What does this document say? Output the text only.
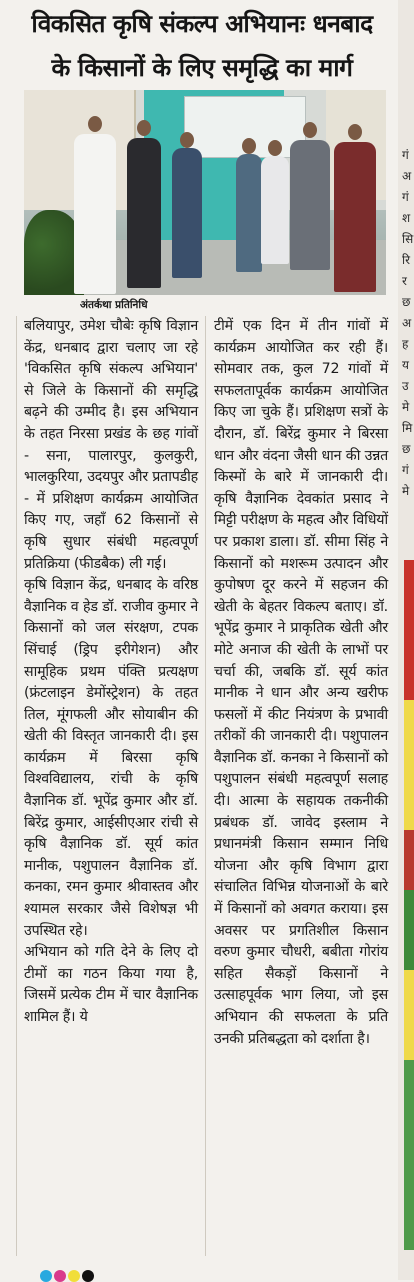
विकसित कृषि संकल्प अभियानः धनबाद
के किसानों के लिए समृद्धि का मार्ग
अंतर्कथा प्रतिनिधि

बलियापुर, उमेश चौबेः कृषि विज्ञान केंद्र, धनबाद द्वारा चलाए जा रहे 'विकसित कृषि संकल्प अभियान' से जिले के किसानों की समृद्धि बढ़ने की उम्मीद है। इस अभियान के तहत निरसा प्रखंड के छह गांवों - सना, पालारपुर, कुलकुरी, भालकुरिया, उदयपुर और प्रतापडीह - में प्रशिक्षण कार्यक्रम आयोजित किए गए, जहाँ 62 किसानों से कृषि सुधार संबंधी महत्वपूर्ण प्रतिक्रिया (फीडबैक) ली गई।

कृषि विज्ञान केंद्र, धनबाद के वरिष्ठ वैज्ञानिक व हेड डॉ. राजीव कुमार ने किसानों को जल संरक्षण, टपक सिंचाई (ड्रिप इरीगेशन) और सामूहिक प्रथम पंक्ति प्रत्यक्षण (फ्रंटलाइन डेमोंस्ट्रेशन) के तहत तिल, मूंगफली और सोयाबीन की खेती की विस्तृत जानकारी दी। इस कार्यक्रम में बिरसा कृषि विश्वविद्यालय, रांची के कृषि वैज्ञानिक डॉ. भूपेंद्र कुमार और डॉ. बिरेंद्र कुमार, आईसीएआर रांची से कृषि वैज्ञानिक डॉ. सूर्य कांत मानीक, पशुपालन वैज्ञानिक डॉ. कनका, रमन कुमार श्रीवास्तव और श्यामल सरकार जैसे विशेषज्ञ भी उपस्थित रहे।

अभियान को गति देने के लिए दो टीमों का गठन किया गया है, जिसमें प्रत्येक टीम में चार वैज्ञानिक शामिल हैं। ये

टीमें एक दिन में तीन गांवों में कार्यक्रम आयोजित कर रही हैं। सोमवार तक, कुल 72 गांवों में सफलतापूर्वक कार्यक्रम आयोजित किए जा चुके हैं। प्रशिक्षण सत्रों के दौरान, डॉ. बिरेंद्र कुमार ने बिरसा धान और वंदना जैसी धान की उन्नत किस्मों के बारे में जानकारी दी। कृषि वैज्ञानिक देवकांत प्रसाद ने मिट्टी परीक्षण के महत्व और विधियों पर प्रकाश डाला। डॉ. सीमा सिंह ने किसानों को मशरूम उत्पादन और कुपोषण दूर करने में सहजन की खेती के बेहतर विकल्प बताए। डॉ. भूपेंद्र कुमार ने प्राकृतिक खेती और मोटे अनाज की खेती के लाभों पर चर्चा की, जबकि डॉ. सूर्य कांत मानीक ने धान और अन्य खरीफ फसलों में कीट नियंत्रण के प्रभावी तरीकों की जानकारी दी। पशुपालन वैज्ञानिक डॉ. कनका ने किसानों को पशुपालन संबंधी महत्वपूर्ण सलाह दी। आत्मा के सहायक तकनीकी प्रबंधक डॉ. जावेद इस्लाम ने प्रधानमंत्री किसान सम्मान निधि योजना और कृषि विभाग द्वारा संचालित विभिन्न योजनाओं के बारे में किसानों को अवगत कराया। इस अवसर पर प्रगतिशील किसान वरुण कुमार चौधरी, बबीता गोरांय सहित सैकड़ों किसानों ने उत्साहपूर्वक भाग लिया, जो इस अभियान की सफलता के प्रति उनकी प्रतिबद्धता को दर्शाता है।

गं अ गं श सि रि र छ अ ह य उ मे मि छ गं मे
